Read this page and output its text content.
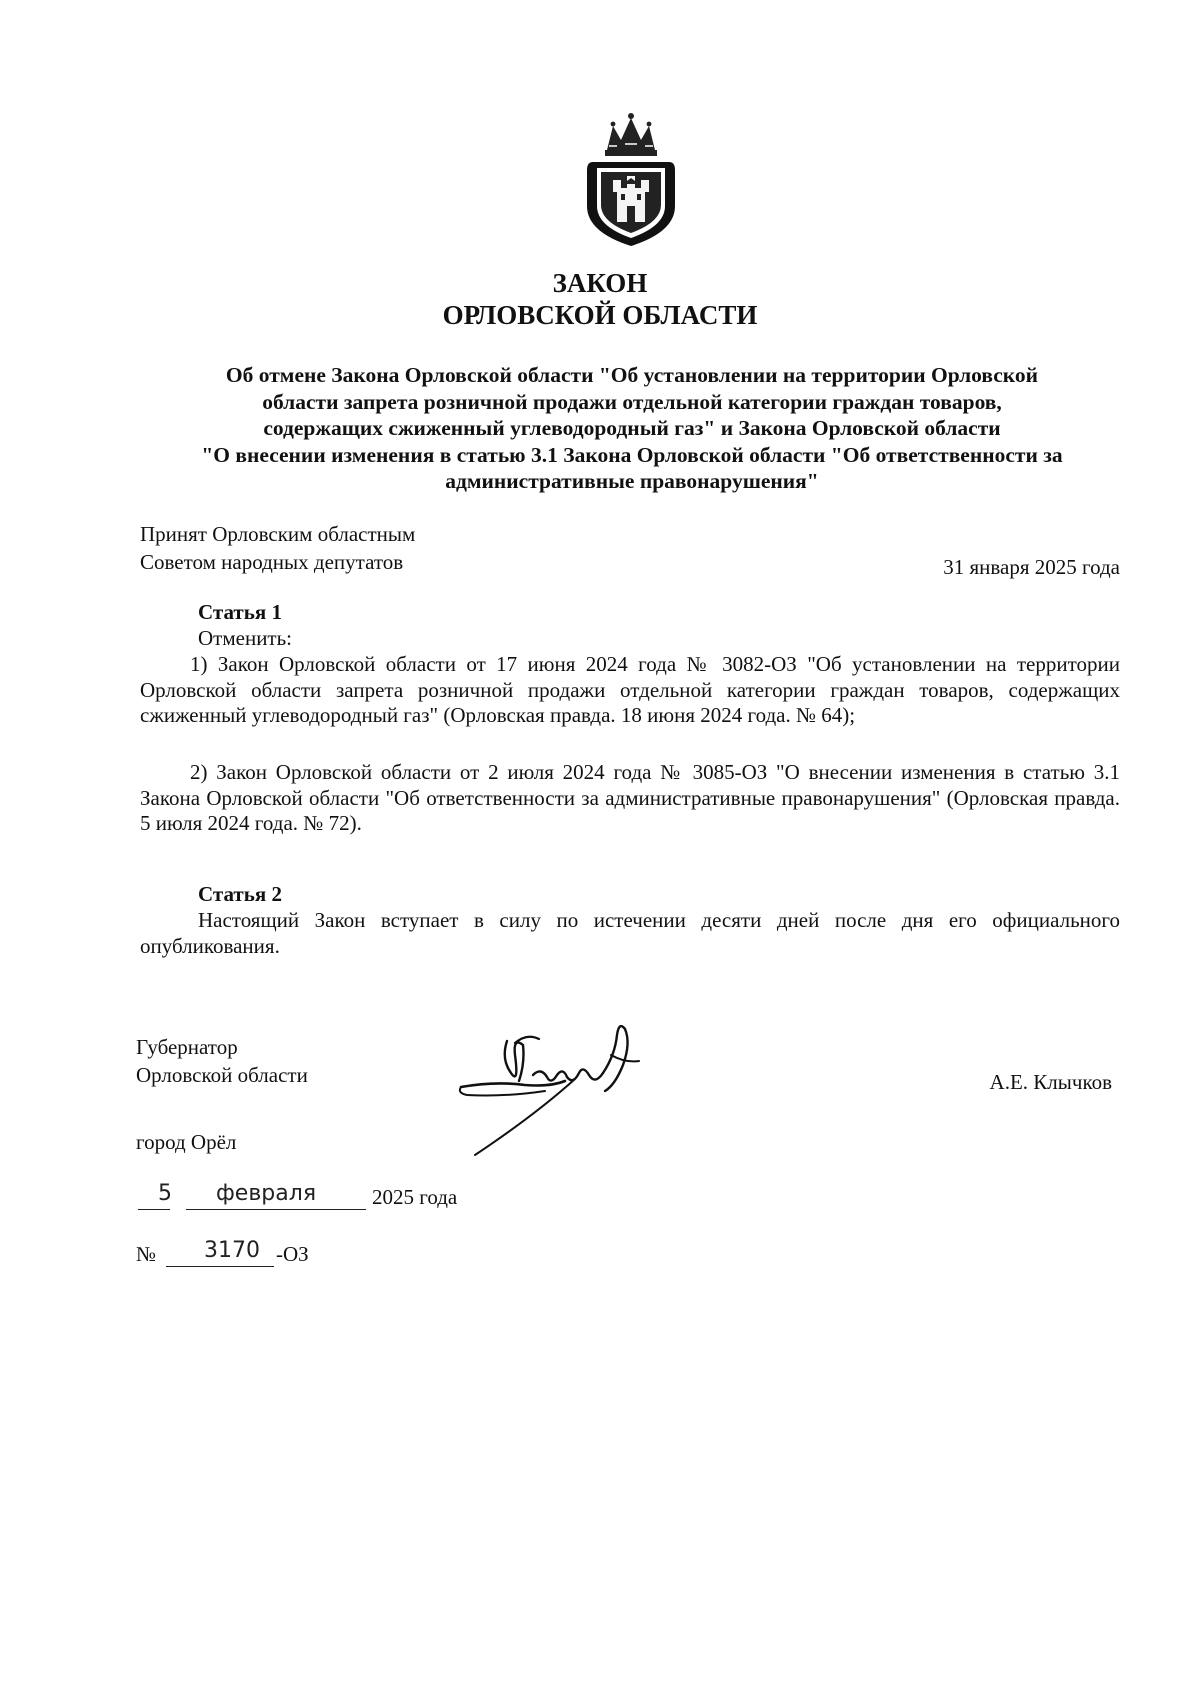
ЗАКОН
ОРЛОВСКОЙ ОБЛАСТИ
Об отмене Закона Орловской области "Об установлении на территории Орловской
области запрета розничной продажи отдельной категории граждан товаров,
содержащих сжиженный углеводородный газ" и Закона Орловской области
"О внесении изменения в статью 3.1 Закона Орловской области "Об ответственности за
административные правонарушения"
Принят Орловским областным
Советом народных депутатов	31 января 2025 года
Статья 1
Отменить:
1) Закон Орловской области от 17 июня 2024 года № 3082-ОЗ "Об установлении на территории Орловской области запрета розничной продажи отдельной категории граждан товаров, содержащих сжиженный углеводородный газ" (Орловская правда. 18 июня 2024 года. № 64);
2) Закон Орловской области от 2 июля 2024 года № 3085-ОЗ "О внесении изменения в статью 3.1 Закона Орловской области "Об ответственности за административные правонарушения" (Орловская правда. 5 июля 2024 года. № 72).
Статья 2
Настоящий Закон вступает в силу по истечении десяти дней после дня его официального опубликования.
Губернатор
Орловской области	А.Е. Клычков
город Орёл
5 февраля	2025 года
№ 3170 -ОЗ
